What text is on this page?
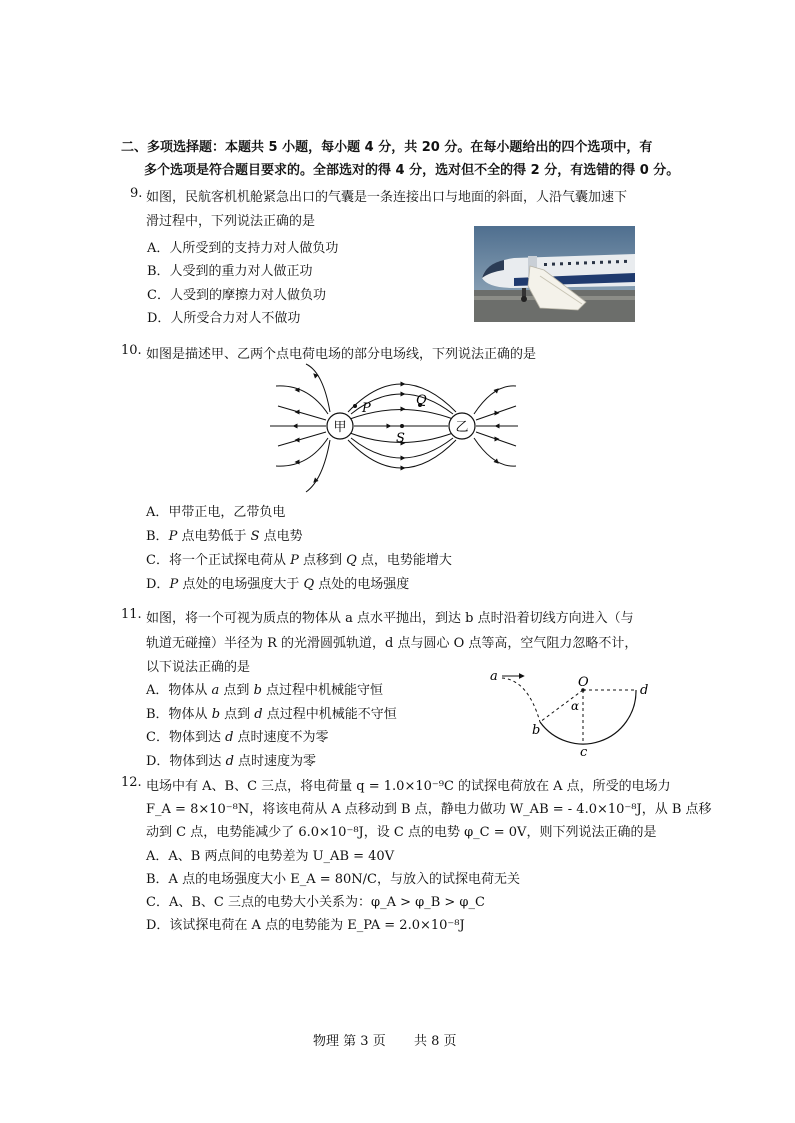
二、多项选择题：本题共 5 小题，每小题 4 分，共 20 分。在每小题给出的四个选项中，有
多个选项是符合题目要求的。全部选对的得 4 分，选对但不全的得 2 分，有选错的得 0 分。
9. 如图，民航客机机舱紧急出口的气囊是一条连接出口与地面的斜面，人沿气囊加速下
滑过程中，下列说法正确的是
A．人所受到的支持力对人做负功
B．人受到的重力对人做正功
C．人受到的摩擦力对人做负功
D．人所受合力对人不做功
10. 如图是描述甲、乙两个点电荷电场的部分电场线，下列说法正确的是
甲	乙
P
Q
S
A．甲带正电，乙带负电
B．P 点电势低于 S 点电势
C．将一个正试探电荷从 P 点移到 Q 点，电势能增大
D．P 点处的电场强度大于 Q 点处的电场强度
11. 如图，将一个可视为质点的物体从 a 点水平抛出，到达 b 点时沿着切线方向进入（与
轨道无碰撞）半径为 R 的光滑圆弧轨道，d 点与圆心 O 点等高，空气阻力忽略不计，
以下说法正确的是
A．物体从 a 点到 b 点过程中机械能守恒
B．物体从 b 点到 d 点过程中机械能不守恒
C．物体到达 d 点时速度不为零
D．物体到达 d 点时速度为零
a	O
d
α
b
c
12. 电场中有 A、B、C 三点，将电荷量 q = 1.0×10⁻⁹C 的试探电荷放在 A 点，所受的电场力
F_A = 8×10⁻⁸N，将该电荷从 A 点移动到 B 点，静电力做功 W_AB = - 4.0×10⁻⁸J，从 B 点移
动到 C 点，电势能减少了 6.0×10⁻⁸J，设 C 点的电势 φ_C = 0V，则下列说法正确的是
A．A、B 两点间的电势差为 U_AB = 40V
B．A 点的电场强度大小 E_A = 80N/C，与放入的试探电荷无关
C．A、B、C 三点的电势大小关系为：φ_A > φ_B > φ_C
D．该试探电荷在 A 点的电势能为 E_PA = 2.0×10⁻⁸J
物理 第 3 页 共 8 页
